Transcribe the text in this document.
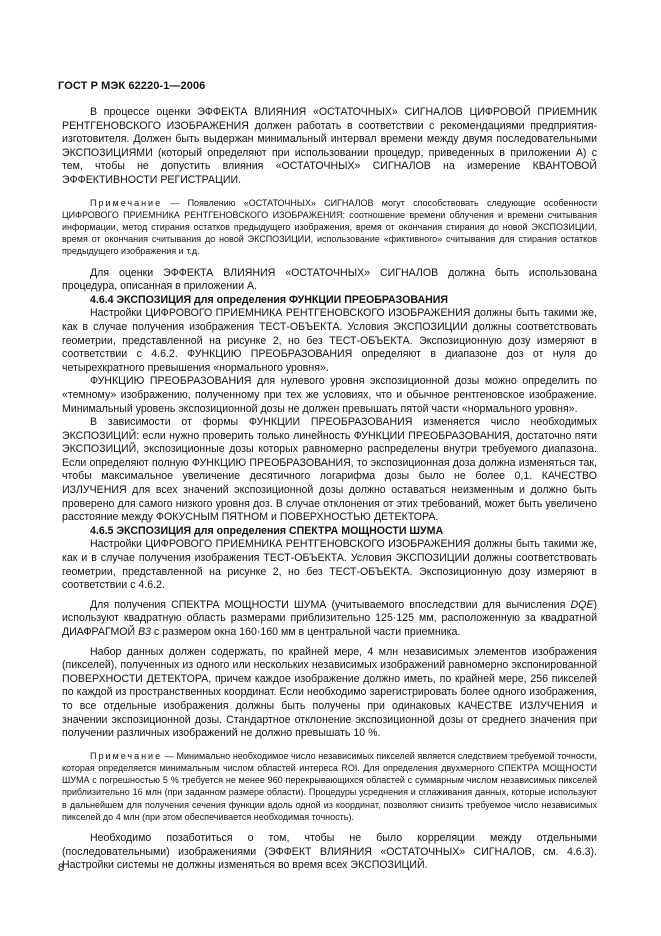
ГОСТ Р МЭК 62220-1—2006

В процессе оценки ЭФФЕКТА ВЛИЯНИЯ «ОСТАТОЧНЫХ» СИГНАЛОВ ЦИФРОВОЙ ПРИЕМНИК РЕНТГЕНОВСКОГО ИЗОБРАЖЕНИЯ должен работать в соответствии с рекомендациями предприятия-изготовителя. Должен быть выдержан минимальный интервал времени между двумя последовательными ЭКСПОЗИЦИЯМИ (который определяют при использовании процедур, приведенных в приложении А) с тем, чтобы не допустить влияния «ОСТАТОЧНЫХ» СИГНАЛОВ на измерение КВАНТОВОЙ ЭФФЕКТИВНОСТИ РЕГИСТРАЦИИ.

Примечание — Появлению «ОСТАТОЧНЫХ» СИГНАЛОВ могут способствовать следующие особенности ЦИФРОВОГО ПРИЕМНИКА РЕНТГЕНОВСКОГО ИЗОБРАЖЕНИЯ: соотношение времени облучения и времени считывания информации, метод стирания остатков предыдущего изображения, время от окончания стирания до новой ЭКСПОЗИЦИИ, время от окончания считывания до новой ЭКСПОЗИЦИИ, использование «фиктивного» считывания для стирания остатков предыдущего изображения и т.д.

Для оценки ЭФФЕКТА ВЛИЯНИЯ «ОСТАТОЧНЫХ» СИГНАЛОВ должна быть использована процедура, описанная в приложении А.

4.6.4 ЭКСПОЗИЦИЯ для определения ФУНКЦИИ ПРЕОБРАЗОВАНИЯ

Настройки ЦИФРОВОГО ПРИЕМНИКА РЕНТГЕНОВСКОГО ИЗОБРАЖЕНИЯ должны быть такими же, как в случае получения изображения ТЕСТ-ОБЪЕКТА. Условия ЭКСПОЗИЦИИ должны соответствовать геометрии, представленной на рисунке 2, но без ТЕСТ-ОБЪЕКТА. Экспозиционную дозу измеряют в соответствии с 4.6.2. ФУНКЦИЮ ПРЕОБРАЗОВАНИЯ определяют в диапазоне доз от нуля до четырехкратного превышения «нормального уровня».

ФУНКЦИЮ ПРЕОБРАЗОВАНИЯ для нулевого уровня экспозиционной дозы можно определить по «темному» изображению, полученному при тех же условиях, что и обычное рентгеновское изображение. Минимальный уровень экспозиционной дозы не должен превышать пятой части «нормального уровня».

В зависимости от формы ФУНКЦИИ ПРЕОБРАЗОВАНИЯ изменяется число необходимых ЭКСПОЗИЦИЙ: если нужно проверить только линейность ФУНКЦИИ ПРЕОБРАЗОВАНИЯ, достаточно пяти ЭКСПОЗИЦИЙ, экспозиционные дозы которых равномерно распределены внутри требуемого диапазона. Если определяют полную ФУНКЦИЮ ПРЕОБРАЗОВАНИЯ, то экспозиционная доза должна изменяться так, чтобы максимальное увеличение десятичного логарифма дозы было не более 0,1. КАЧЕСТВО ИЗЛУЧЕНИЯ для всех значений экспозиционной дозы должно оставаться неизменным и должно быть проверено для самого низкого уровня доз. В случае отклонения от этих требований, может быть увеличено расстояние между ФОКУСНЫМ ПЯТНОМ и ПОВЕРХНОСТЬЮ ДЕТЕКТОРА.

4.6.5 ЭКСПОЗИЦИЯ для определения СПЕКТРА МОЩНОСТИ ШУМА

Настройки ЦИФРОВОГО ПРИЕМНИКА РЕНТГЕНОВСКОГО ИЗОБРАЖЕНИЯ должны быть такими же, как и в случае получения изображения ТЕСТ-ОБЪЕКТА. Условия ЭКСПОЗИЦИИ должны соответствовать геометрии, представленной на рисунке 2, но без ТЕСТ-ОБЪЕКТА. Экспозиционную дозу измеряют в соответствии с 4.6.2.

Для получения СПЕКТРА МОЩНОСТИ ШУМА (учитываемого впоследствии для вычисления DQE) используют квадратную область размерами приблизительно 125·125 мм, расположенную за квадратной ДИАФРАГМОЙ B3 с размером окна 160·160 мм в центральной части приемника.

Набор данных должен содержать, по крайней мере, 4 млн независимых элементов изображения (пикселей), полученных из одного или нескольких независимых изображений равномерно экспонированной ПОВЕРХНОСТИ ДЕТЕКТОРА, причем каждое изображение должно иметь, по крайней мере, 256 пикселей по каждой из пространственных координат. Если необходимо зарегистрировать более одного изображения, то все отдельные изображения должны быть получены при одинаковых КАЧЕСТВЕ ИЗЛУЧЕНИЯ и значении экспозиционной дозы. Стандартное отклонение экспозиционной дозы от среднего значения при получении различных изображений не должно превышать 10 %.

Примечание — Минимально необходимое число независимых пикселей является следствием требуемой точности, которая определяется минимальным числом областей интереса ROI. Для определения двухмерного СПЕКТРА МОЩНОСТИ ШУМА с погрешностью 5 % требуется не менее 960 перекрывающихся областей с суммарным числом независимых пикселей приблизительно 16 млн (при заданном размере области). Процедуры усреднения и сглаживания данных, которые используют в дальнейшем для получения сечения функции вдоль одной из координат, позволяют снизить требуемое число независимых пикселей до 4 млн (при этом обеспечивается необходимая точность).

Необходимо позаботиться о том, чтобы не было корреляции между отдельными (последовательными) изображениями (ЭФФЕКТ ВЛИЯНИЯ «ОСТАТОЧНЫХ» СИГНАЛОВ, см. 4.6.3). Настройки системы не должны изменяться во время всех ЭКСПОЗИЦИЙ.

8
